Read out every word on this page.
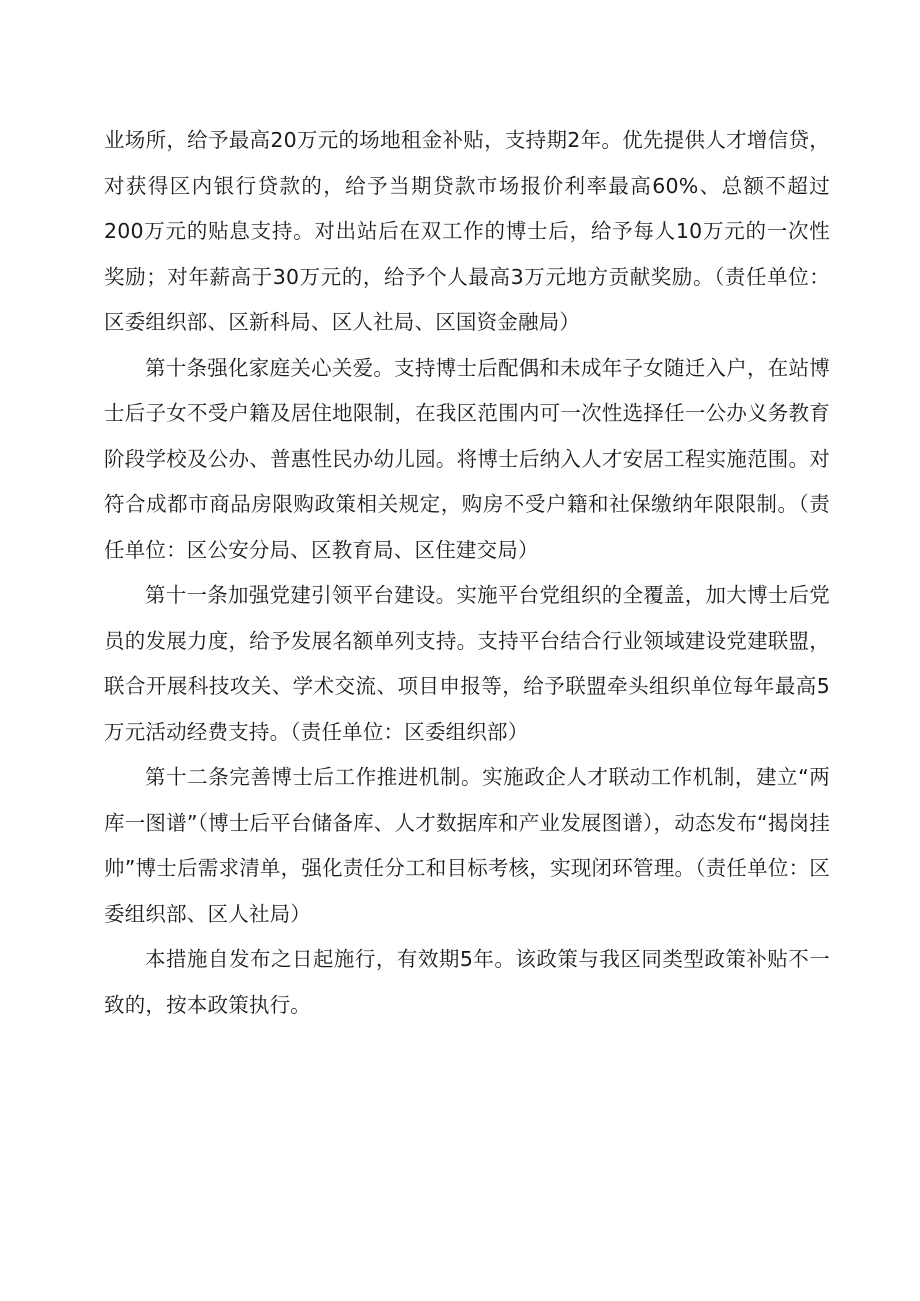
业场所，给予最高20万元的场地租金补贴，支持期2年。优先提供人才增信贷，对获得区内银行贷款的，给予当期贷款市场报价利率最高60%、总额不超过200万元的贴息支持。对出站后在双工作的博士后，给予每人10万元的一次性奖励；对年薪高于30万元的，给予个人最高3万元地方贡献奖励。（责任单位：区委组织部、区新科局、区人社局、区国资金融局）

第十条强化家庭关心关爱。支持博士后配偶和未成年子女随迁入户，在站博士后子女不受户籍及居住地限制，在我区范围内可一次性选择任一公办义务教育阶段学校及公办、普惠性民办幼儿园。将博士后纳入人才安居工程实施范围。对符合成都市商品房限购政策相关规定，购房不受户籍和社保缴纳年限限制。（责任单位：区公安分局、区教育局、区住建交局）

第十一条加强党建引领平台建设。实施平台党组织的全覆盖，加大博士后党员的发展力度，给予发展名额单列支持。支持平台结合行业领域建设党建联盟，联合开展科技攻关、学术交流、项目申报等，给予联盟牵头组织单位每年最高5万元活动经费支持。（责任单位：区委组织部）

第十二条完善博士后工作推进机制。实施政企人才联动工作机制，建立“两库一图谱”（博士后平台储备库、人才数据库和产业发展图谱），动态发布“揭岗挂帅”博士后需求清单，强化责任分工和目标考核，实现闭环管理。（责任单位：区委组织部、区人社局）

本措施自发布之日起施行，有效期5年。该政策与我区同类型政策补贴不一致的，按本政策执行。
